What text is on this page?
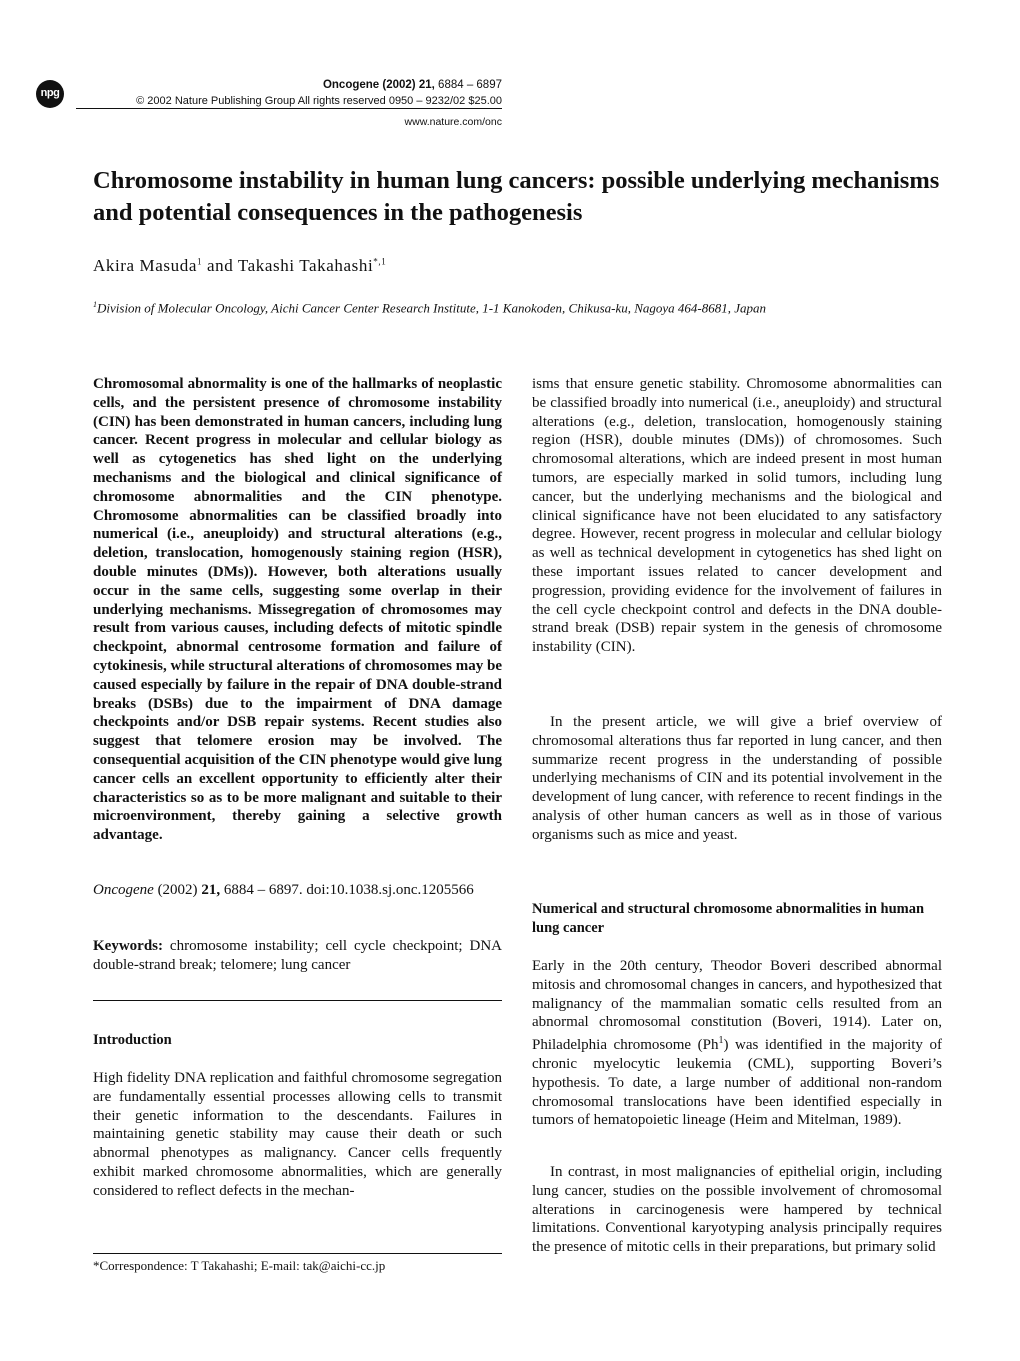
npg
Oncogene (2002) 21, 6884 – 6897
© 2002 Nature Publishing Group All rights reserved 0950 – 9232/02 $25.00
www.nature.com/onc
Chromosome instability in human lung cancers: possible underlying mechanisms and potential consequences in the pathogenesis
Akira Masuda$^1$ and Takashi Takahashi$^{*,1}$
$^1$Division of Molecular Oncology, Aichi Cancer Center Research Institute, 1-1 Kanokoden, Chikusa-ku, Nagoya 464-8681, Japan
Chromosomal abnormality is one of the hallmarks of neoplastic cells, and the persistent presence of chromosome instability (CIN) has been demonstrated in human cancers, including lung cancer. Recent progress in molecular and cellular biology as well as cytogenetics has shed light on the underlying mechanisms and the biological and clinical significance of chromosome abnormalities and the CIN phenotype. Chromosome abnormalities can be classified broadly into numerical (i.e., aneuploidy) and structural alterations (e.g., deletion, translocation, homogenously staining region (HSR), double minutes (DMs)). However, both alterations usually occur in the same cells, suggesting some overlap in their underlying mechanisms. Missegregation of chromosomes may result from various causes, including defects of mitotic spindle checkpoint, abnormal centrosome formation and failure of cytokinesis, while structural alterations of chromosomes may be caused especially by failure in the repair of DNA double-strand breaks (DSBs) due to the impairment of DNA damage checkpoints and/or DSB repair systems. Recent studies also suggest that telomere erosion may be involved. The consequential acquisition of the CIN phenotype would give lung cancer cells an excellent opportunity to efficiently alter their characteristics so as to be more malignant and suitable to their microenvironment, thereby gaining a selective growth advantage.
Oncogene (2002) 21, 6884 – 6897. doi:10.1038.sj.onc.1205566
Keywords: chromosome instability; cell cycle checkpoint; DNA double-strand break; telomere; lung cancer
Introduction
High fidelity DNA replication and faithful chromosome segregation are fundamentally essential processes allowing cells to transmit their genetic information to the descendants. Failures in maintaining genetic stability may cause their death or such abnormal phenotypes as malignancy. Cancer cells frequently exhibit marked chromosome abnormalities, which are generally considered to reflect defects in the mechan-
*Correspondence: T Takahashi; E-mail: tak@aichi-cc.jp
isms that ensure genetic stability. Chromosome abnormalities can be classified broadly into numerical (i.e., aneuploidy) and structural alterations (e.g., deletion, translocation, homogenously staining region (HSR), double minutes (DMs)) of chromosomes. Such chromosomal alterations, which are indeed present in most human tumors, are especially marked in solid tumors, including lung cancer, but the underlying mechanisms and the biological and clinical significance have not been elucidated to any satisfactory degree. However, recent progress in molecular and cellular biology as well as technical development in cytogenetics has shed light on these important issues related to cancer development and progression, providing evidence for the involvement of failures in the cell cycle checkpoint control and defects in the DNA double-strand break (DSB) repair system in the genesis of chromosome instability (CIN).
In the present article, we will give a brief overview of chromosomal alterations thus far reported in lung cancer, and then summarize recent progress in the understanding of possible underlying mechanisms of CIN and its potential involvement in the development of lung cancer, with reference to recent findings in the analysis of other human cancers as well as in those of various organisms such as mice and yeast.
Numerical and structural chromosome abnormalities in human lung cancer
Early in the 20th century, Theodor Boveri described abnormal mitosis and chromosomal changes in cancers, and hypothesized that malignancy of the mammalian somatic cells resulted from an abnormal chromosomal constitution (Boveri, 1914). Later on, Philadelphia chromosome (Ph$^1$) was identified in the majority of chronic myelocytic leukemia (CML), supporting Boveri’s hypothesis. To date, a large number of additional non-random chromosomal translocations have been identified especially in tumors of hematopoietic lineage (Heim and Mitelman, 1989).
In contrast, in most malignancies of epithelial origin, including lung cancer, studies on the possible involvement of chromosomal alterations in carcinogenesis were hampered by technical limitations. Conventional karyotyping analysis principally requires the presence of mitotic cells in their preparations, but primary solid
